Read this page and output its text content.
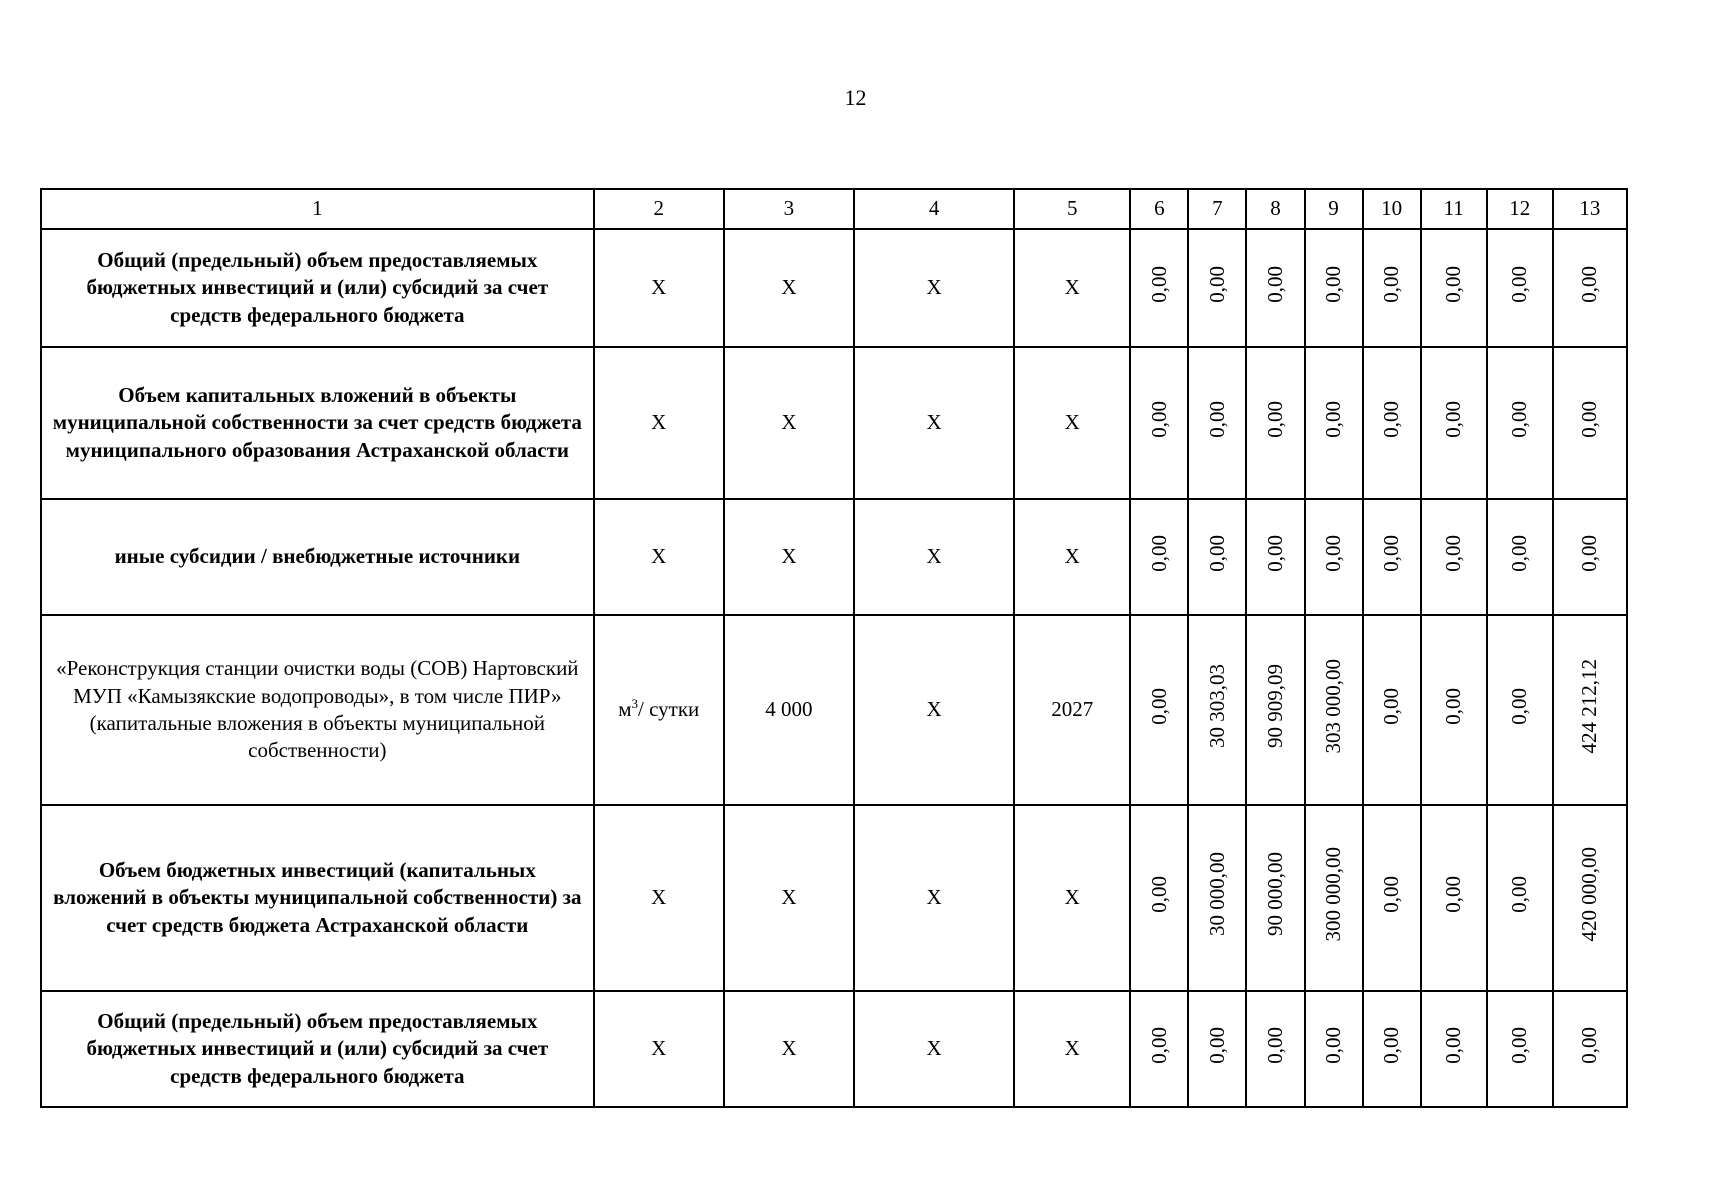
12
1	2	3	4	5	6	7	8	9	10	11	12	13
Общий (предельный) объем предоставляемых бюджетных инвестиций и (или) субсидий за счет средств федерального бюджета	X	X	X	X	0,00	0,00	0,00	0,00	0,00	0,00	0,00	0,00
Объем капитальных вложений в объекты муниципальной собственности за счет средств бюджета муниципального образования Астраханской области	X	X	X	X	0,00	0,00	0,00	0,00	0,00	0,00	0,00	0,00
иные субсидии / внебюджетные источники	X	X	X	X	0,00	0,00	0,00	0,00	0,00	0,00	0,00	0,00
«Реконструкция станции очистки воды (СОВ) Нартовский МУП «Камызякские водопроводы», в том числе ПИР» (капитальные вложения в объекты муниципальной собственности)	$м^3/$ сутки	4 000	X	2027	0,00	30 303,03	90 909,09	303 000,00	0,00	0,00	0,00	424 212,12
Объем бюджетных инвестиций (капитальных вложений в объекты муниципальной собственности) за счет средств бюджета Астраханской области	X	X	X	X	0,00	30 000,00	90 000,00	300 000,00	0,00	0,00	0,00	420 000,00
Общий (предельный) объем предоставляемых бюджетных инвестиций и (или) субсидий за счет средств федерального бюджета	X	X	X	X	0,00	0,00	0,00	0,00	0,00	0,00	0,00	0,00
